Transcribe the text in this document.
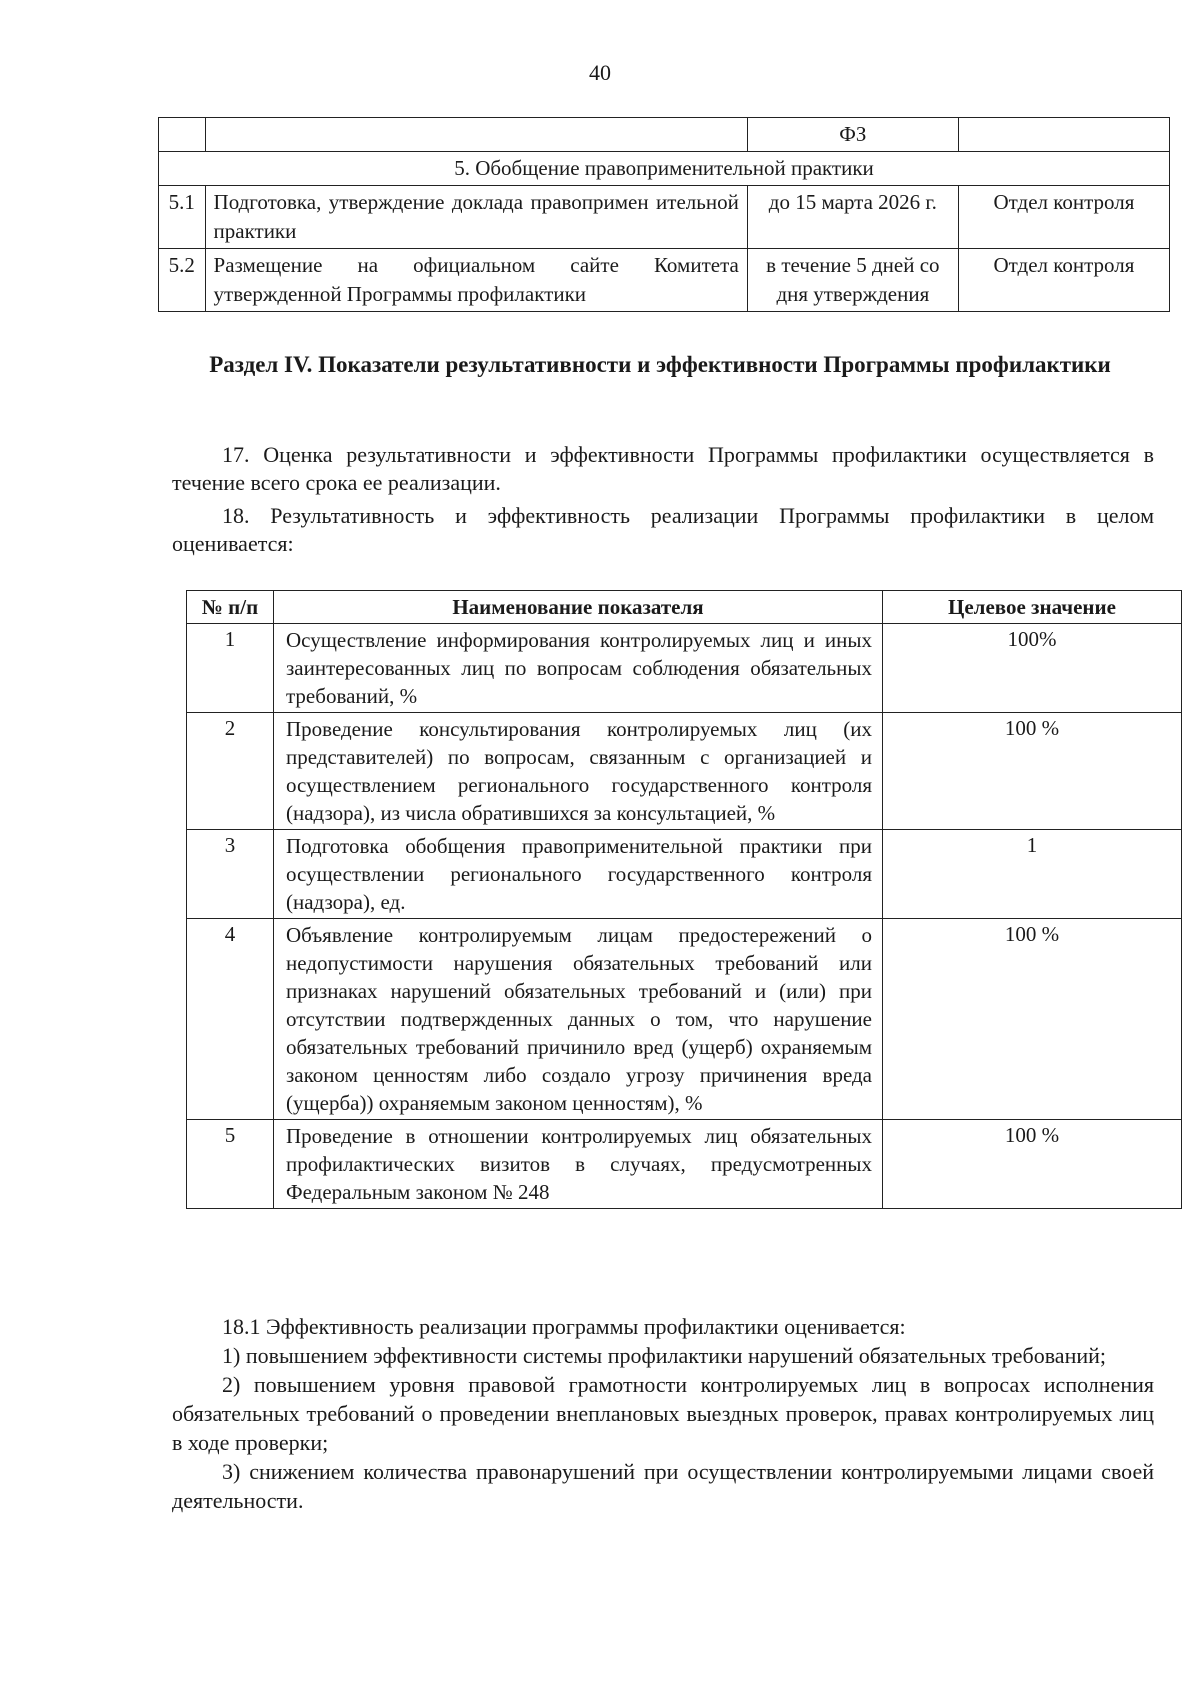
40
		ФЗ	
5. Обобщение правоприменительной практики			
5.1	Подготовка, утверждение доклада правопримен ительной практики	до 15 марта 2026 г.	Отдел контроля
5.2	Размещение на официальном сайте Комитета утвержденной Программы профилактики	в течение 5 дней со дня утверждения	Отдел контроля
Раздел IV. Показатели результативности и эффективности Программы профилактики
17. Оценка результативности и эффективности Программы профилактики осуществляется в течение всего срока ее реализации.
18. Результативность и эффективность реализации Программы профилактики в целом оценивается:
№ п/п	Наименование показателя	Целевое значение
1	Осуществление информирования контролируемых лиц и иных заинтересованных лиц по вопросам соблюдения обязательных требований, %	100%
2	Проведение консультирования контролируемых лиц (их представителей) по вопросам, связанным с организацией и осуществлением регионального государственного контроля (надзора), из числа обратившихся за консультацией, %	100 %
3	Подготовка обобщения правоприменительной практики при осуществлении регионального государственного контроля (надзора), ед.	1
4	Объявление контролируемым лицам предостережений о недопустимости нарушения обязательных требований или признаках нарушений обязательных требований и (или) при отсутствии подтвержденных данных о том, что нарушение обязательных требований причинило вред (ущерб) охраняемым законом ценностям либо создало угрозу причинения вреда (ущерба)) охраняемым законом ценностям), %	100 %
5	Проведение в отношении контролируемых лиц обязательных профилактических визитов в случаях, предусмотренных Федеральным законом № 248	100 %

18.1 Эффективность реализации программы профилактики оценивается:

1) повышением эффективности системы профилактики нарушений обязательных требований;

2) повышением уровня правовой грамотности контролируемых лиц в вопросах исполнения обязательных требований о проведении внеплановых выездных проверок, правах контролируемых лиц в ходе проверки;

3) снижением количества правонарушений при осуществлении контролируемыми лицами своей деятельности.
